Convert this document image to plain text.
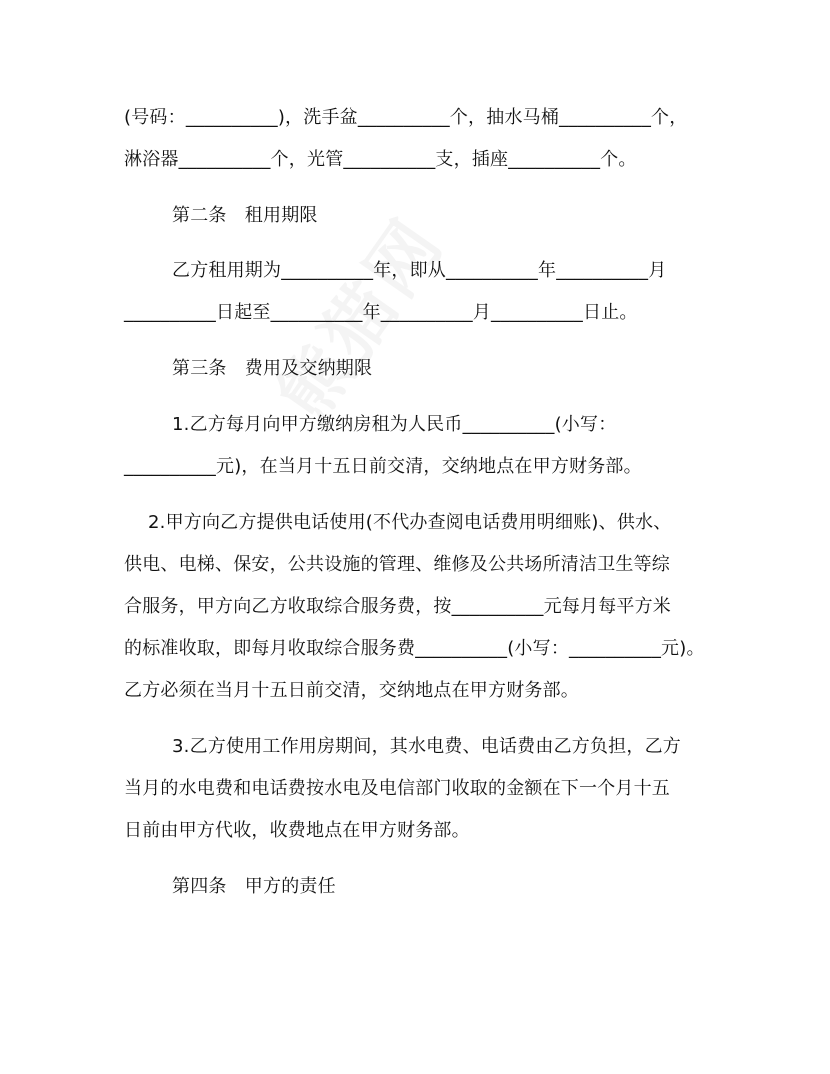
(号码：__________)，洗手盆__________个，抽水马桶__________个，
淋浴器__________个，光管__________支，插座__________个。
第二条　租用期限
乙方租用期为__________年，即从__________年__________月
__________日起至__________年__________月__________日止。
第三条　费用及交纳期限
1.乙方每月向甲方缴纳房租为人民币__________(小写：
__________元)，在当月十五日前交清，交纳地点在甲方财务部。
2.甲方向乙方提供电话使用(不代办查阅电话费用明细账)、供水、
供电、电梯、保安，公共设施的管理、维修及公共场所清洁卫生等综
合服务，甲方向乙方收取综合服务费，按__________元每月每平方米
的标准收取，即每月收取综合服务费__________(小写：__________元)。
乙方必须在当月十五日前交清，交纳地点在甲方财务部。
3.乙方使用工作用房期间，其水电费、电话费由乙方负担，乙方
当月的水电费和电话费按水电及电信部门收取的金额在下一个月十五
日前由甲方代收，收费地点在甲方财务部。
第四条　甲方的责任
